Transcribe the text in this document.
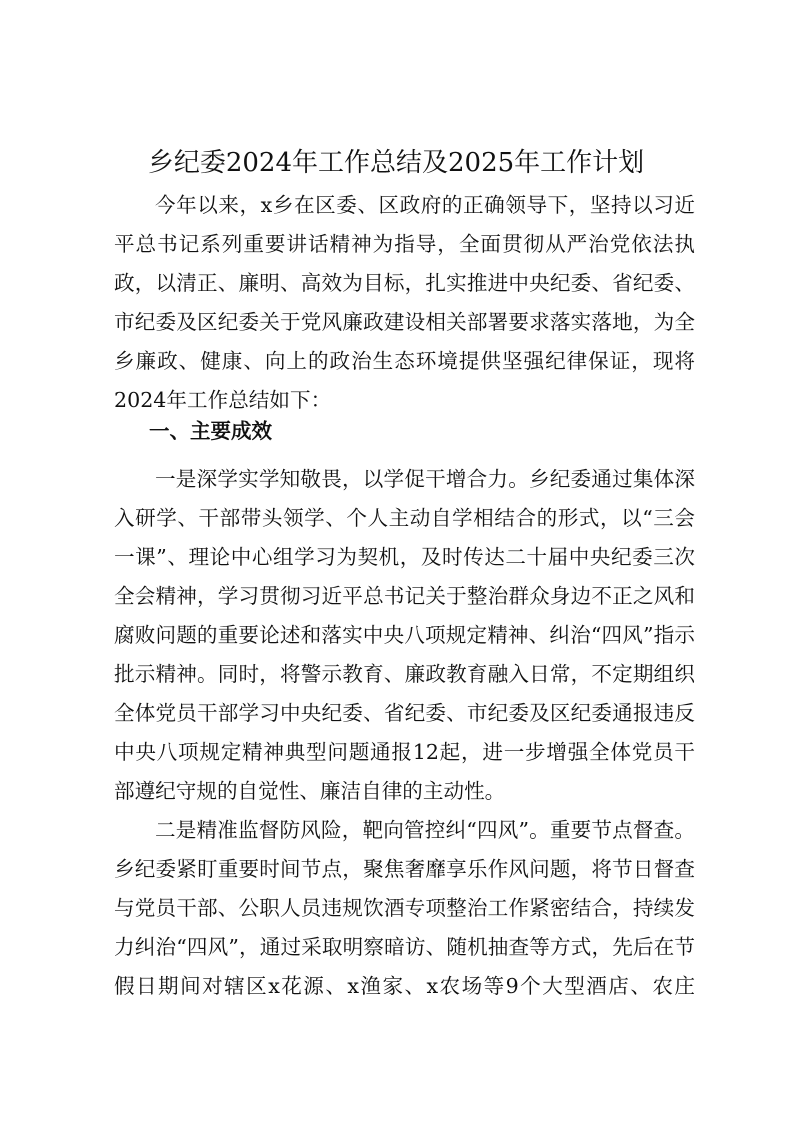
乡纪委2024年工作总结及2025年工作计划

今年以来，x乡在区委、区政府的正确领导下，坚持以习近

平总书记系列重要讲话精神为指导，全面贯彻从严治党依法执

政，以清正、廉明、高效为目标，扎实推进中央纪委、省纪委、

市纪委及区纪委关于党风廉政建设相关部署要求落实落地，为全

乡廉政、健康、向上的政治生态环境提供坚强纪律保证，现将

2024年工作总结如下：

一、主要成效

一是深学实学知敬畏，以学促干增合力。乡纪委通过集体深

入研学、干部带头领学、个人主动自学相结合的形式，以“三会

一课”、理论中心组学习为契机，及时传达二十届中央纪委三次

全会精神，学习贯彻习近平总书记关于整治群众身边不正之风和

腐败问题的重要论述和落实中央八项规定精神、纠治“四风”指示

批示精神。同时，将警示教育、廉政教育融入日常，不定期组织

全体党员干部学习中央纪委、省纪委、市纪委及区纪委通报违反

中央八项规定精神典型问题通报12起，进一步增强全体党员干

部遵纪守规的自觉性、廉洁自律的主动性。

二是精准监督防风险，靶向管控纠“四风”。重要节点督查。

乡纪委紧盯重要时间节点，聚焦奢靡享乐作风问题，将节日督查

与党员干部、公职人员违规饮酒专项整治工作紧密结合，持续发

力纠治“四风”，通过采取明察暗访、随机抽查等方式，先后在节

假日期间对辖区x花源、x渔家、x农场等9个大型酒店、农庄
